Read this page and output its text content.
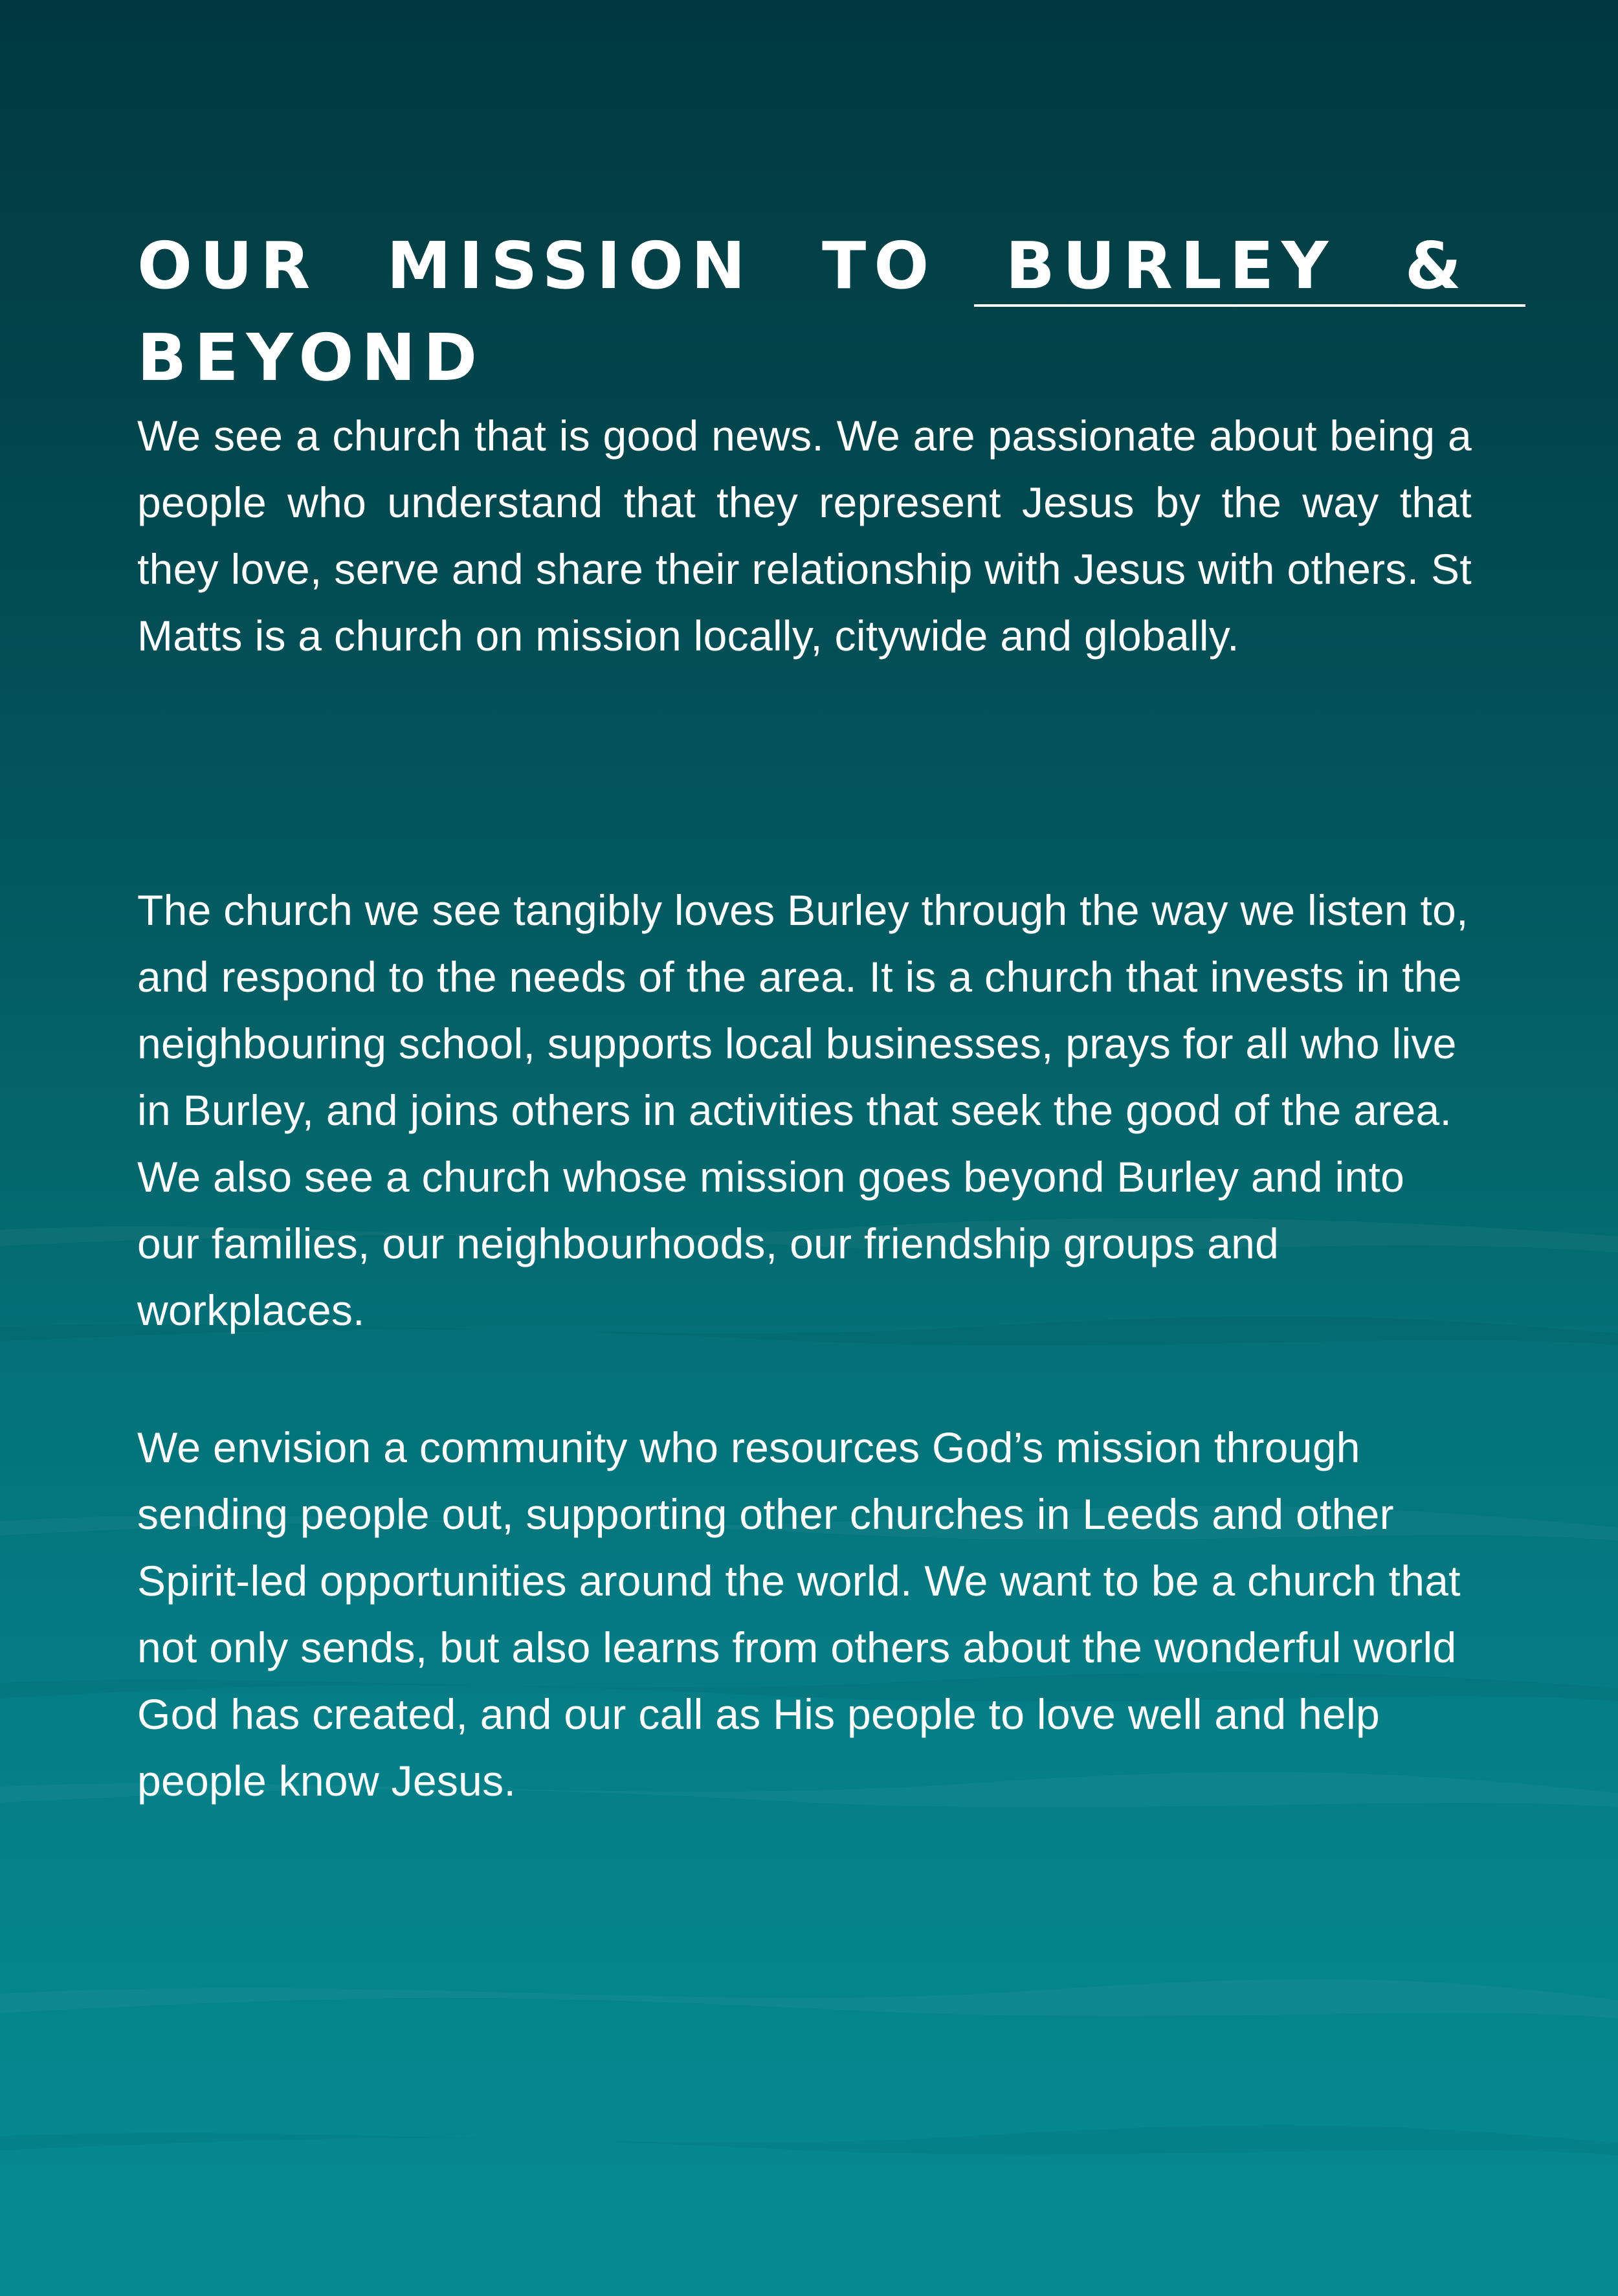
OUR MISSION TO BURLEY & BEYOND

We see a church that is good news. We are passionate about being a people who understand that they represent Jesus by the way that they love, serve and share their relationship with Jesus with others. St Matts is a church on mission locally, citywide and globally.

The church we see tangibly loves Burley through the way we listen to, and respond to the needs of the area. It is a church that invests in the neighbouring school, supports local businesses, prays for all who live in Burley, and joins others in activities that seek the good of the area. We also see a church whose mission goes beyond Burley and into our families, our neighbourhoods, our friendship groups and workplaces.

We envision a community who resources God’s mission through sending people out, supporting other churches in Leeds and other Spirit-led opportunities around the world. We want to be a church that not only sends, but also learns from others about the wonderful world God has created, and our call as His people to love well and help people know Jesus.
